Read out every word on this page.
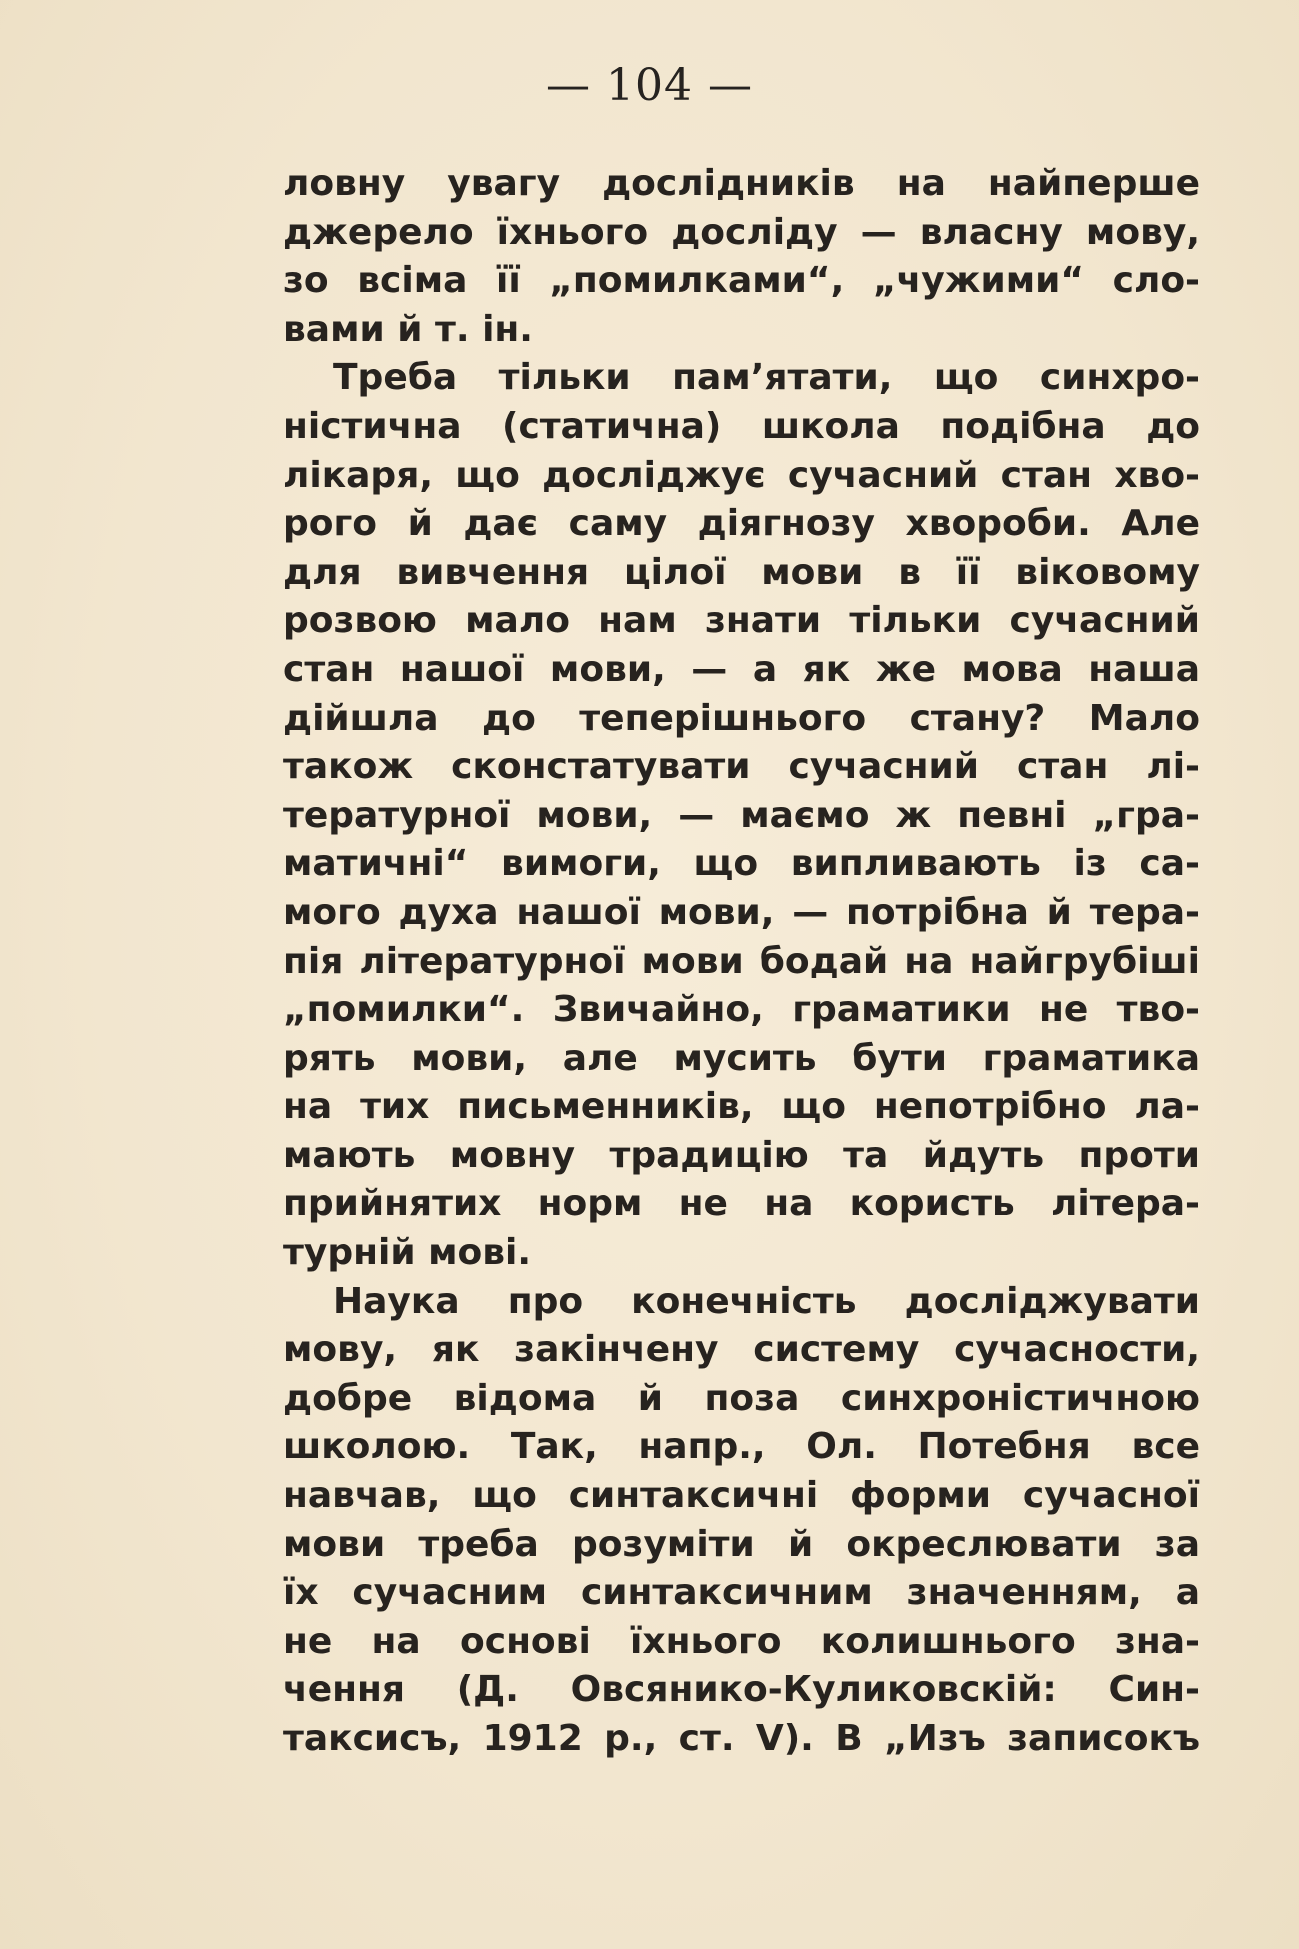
— 104 —
ловну увагу дослідників на найперше
джерело їхнього досліду — власну мову,
зо всіма її „помилками“, „чужими“ сло-
вами й т. ін.
Треба тільки пам’ятати, що синхро-
ністична (статична) школа подібна до
лікаря, що досліджує сучасний стан хво-
рого й дає саму діягнозу хвороби. Але
для вивчення цілої мови в її віковому
розвою мало нам знати тільки сучасний
стан нашої мови, — а як же мова наша
дійшла до теперішнього стану? Мало
також сконстатувати сучасний стан лі-
тературної мови, — маємо ж певні „гра-
матичні“ вимоги, що випливають із са-
мого духа нашої мови, — потрібна й тера-
пія літературної мови бодай на найгрубіші
„помилки“. Звичайно, граматики не тво-
рять мови, але мусить бути граматика
на тих письменників, що непотрібно ла-
мають мовну традицію та йдуть проти
прийнятих норм не на користь літера-
турній мові.
Наука про конечність досліджувати
мову, як закінчену систему сучасности,
добре відома й поза синхроністичною
школою. Так, напр., Ол. Потебня все
навчав, що синтаксичні форми сучасної
мови треба розуміти й окреслювати за
їх сучасним синтаксичним значенням, а
не на основі їхнього колишнього зна-
чення (Д. Овсянико-Куликовскій: Син-
таксисъ, 1912 р., ст. V). В „Изъ записокъ
